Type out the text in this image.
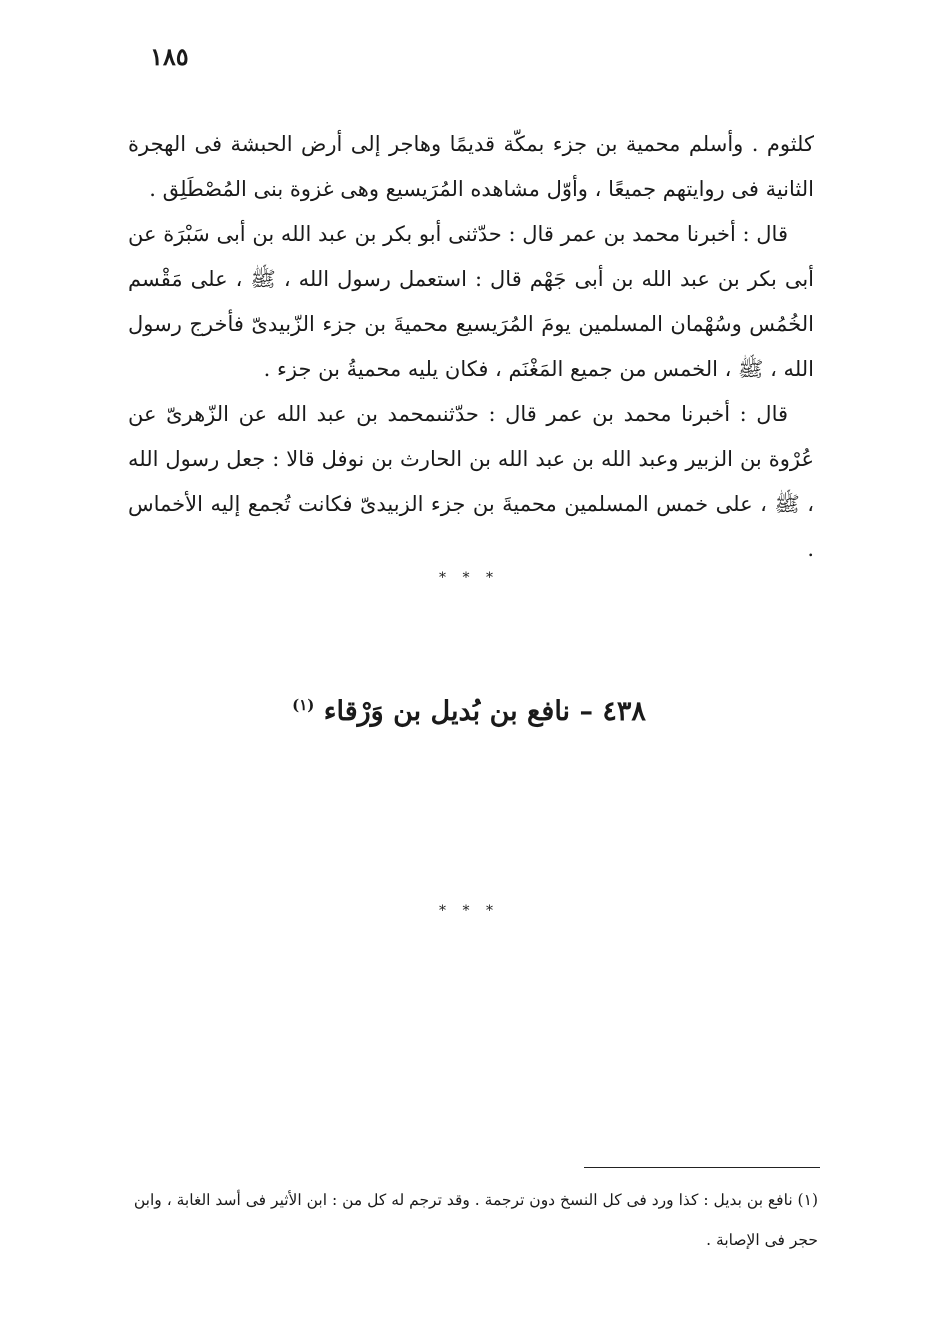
١٨٥

كلثوم . وأسلم محمية بن جزء بمكّة قديمًا وهاجر إلى أرض الحبشة فى الهجرة الثانية فى روايتهم جميعًا ، وأوّل مشاهده المُرَيسيع وهى غزوة بنى المُصْطَلِق .

قال : أخبرنا محمد بن عمر قال : حدّثنى أبو بكر بن عبد الله بن أبى سَبْرَة عن أبى بكر بن عبد الله بن أبى جَهْم قال : استعمل رسول الله ، ﷺ ، على مَقْسم الخُمُس وسُهْمان المسلمين يومَ المُرَيسيع محميةَ بن جزء الزّبيدىّ فأخرج رسول الله ، ﷺ ، الخمس من جميع المَغْنَم ، فكان يليه محميةُ بن جزء .

قال : أخبرنا محمد بن عمر قال : حدّثنىمحمد بن عبد الله عن الزّهرىّ عن عُرْوة بن الزبير وعبد الله بن عبد الله بن الحارث بن نوفل قالا : جعل رسول الله ، ﷺ ، على خمس المسلمين محميةَ بن جزء الزبيدىّ فكانت تُجمع إليه الأخماس .

* * *
٤٣٨ – نافع بن بُديل بن وَرْقاء $^{(١)}$
* * *

(١) نافع بن بديل : كذا ورد فى كل النسخ دون ترجمة . وقد ترجم له كل من : ابن الأثير فى أسد الغابة ، وابن حجر فى الإصابة .
